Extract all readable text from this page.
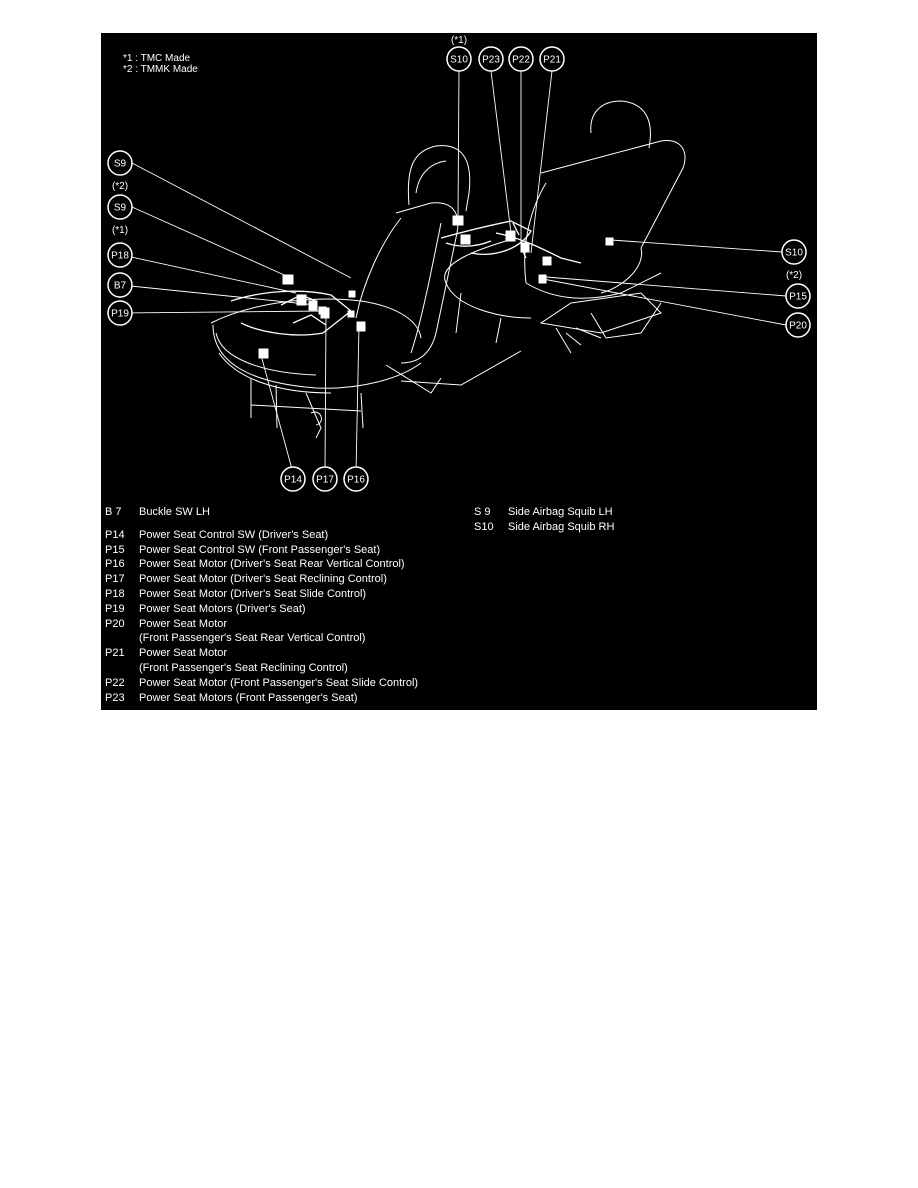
S10
(*1)
P23 P22 P21
S9
(*2)
S9
(*1)
P18
B7
P19
S10
(*2)
P15
P20
P14 P17 P16
*1 : TMC Made
*2 : TMMK Made
B 7	Buckle SW LH
P14	Power Seat Control SW (Driver's Seat)
P15	Power Seat Control SW (Front Passenger's Seat)
P16	Power Seat Motor (Driver's Seat Rear Vertical Control)
P17	Power Seat Motor (Driver's Seat Reclining Control)
P18	Power Seat Motor (Driver's Seat Slide Control)
P19	Power Seat Motors (Driver's Seat)
P20	Power Seat Motor
(Front Passenger's Seat Rear Vertical Control)
P21	Power Seat Motor
(Front Passenger's Seat Reclining Control)
P22	Power Seat Motor (Front Passenger's Seat Slide Control)
P23	Power Seat Motors (Front Passenger's Seat)
S 9	Side Airbag Squib LH
S10	Side Airbag Squib RH
